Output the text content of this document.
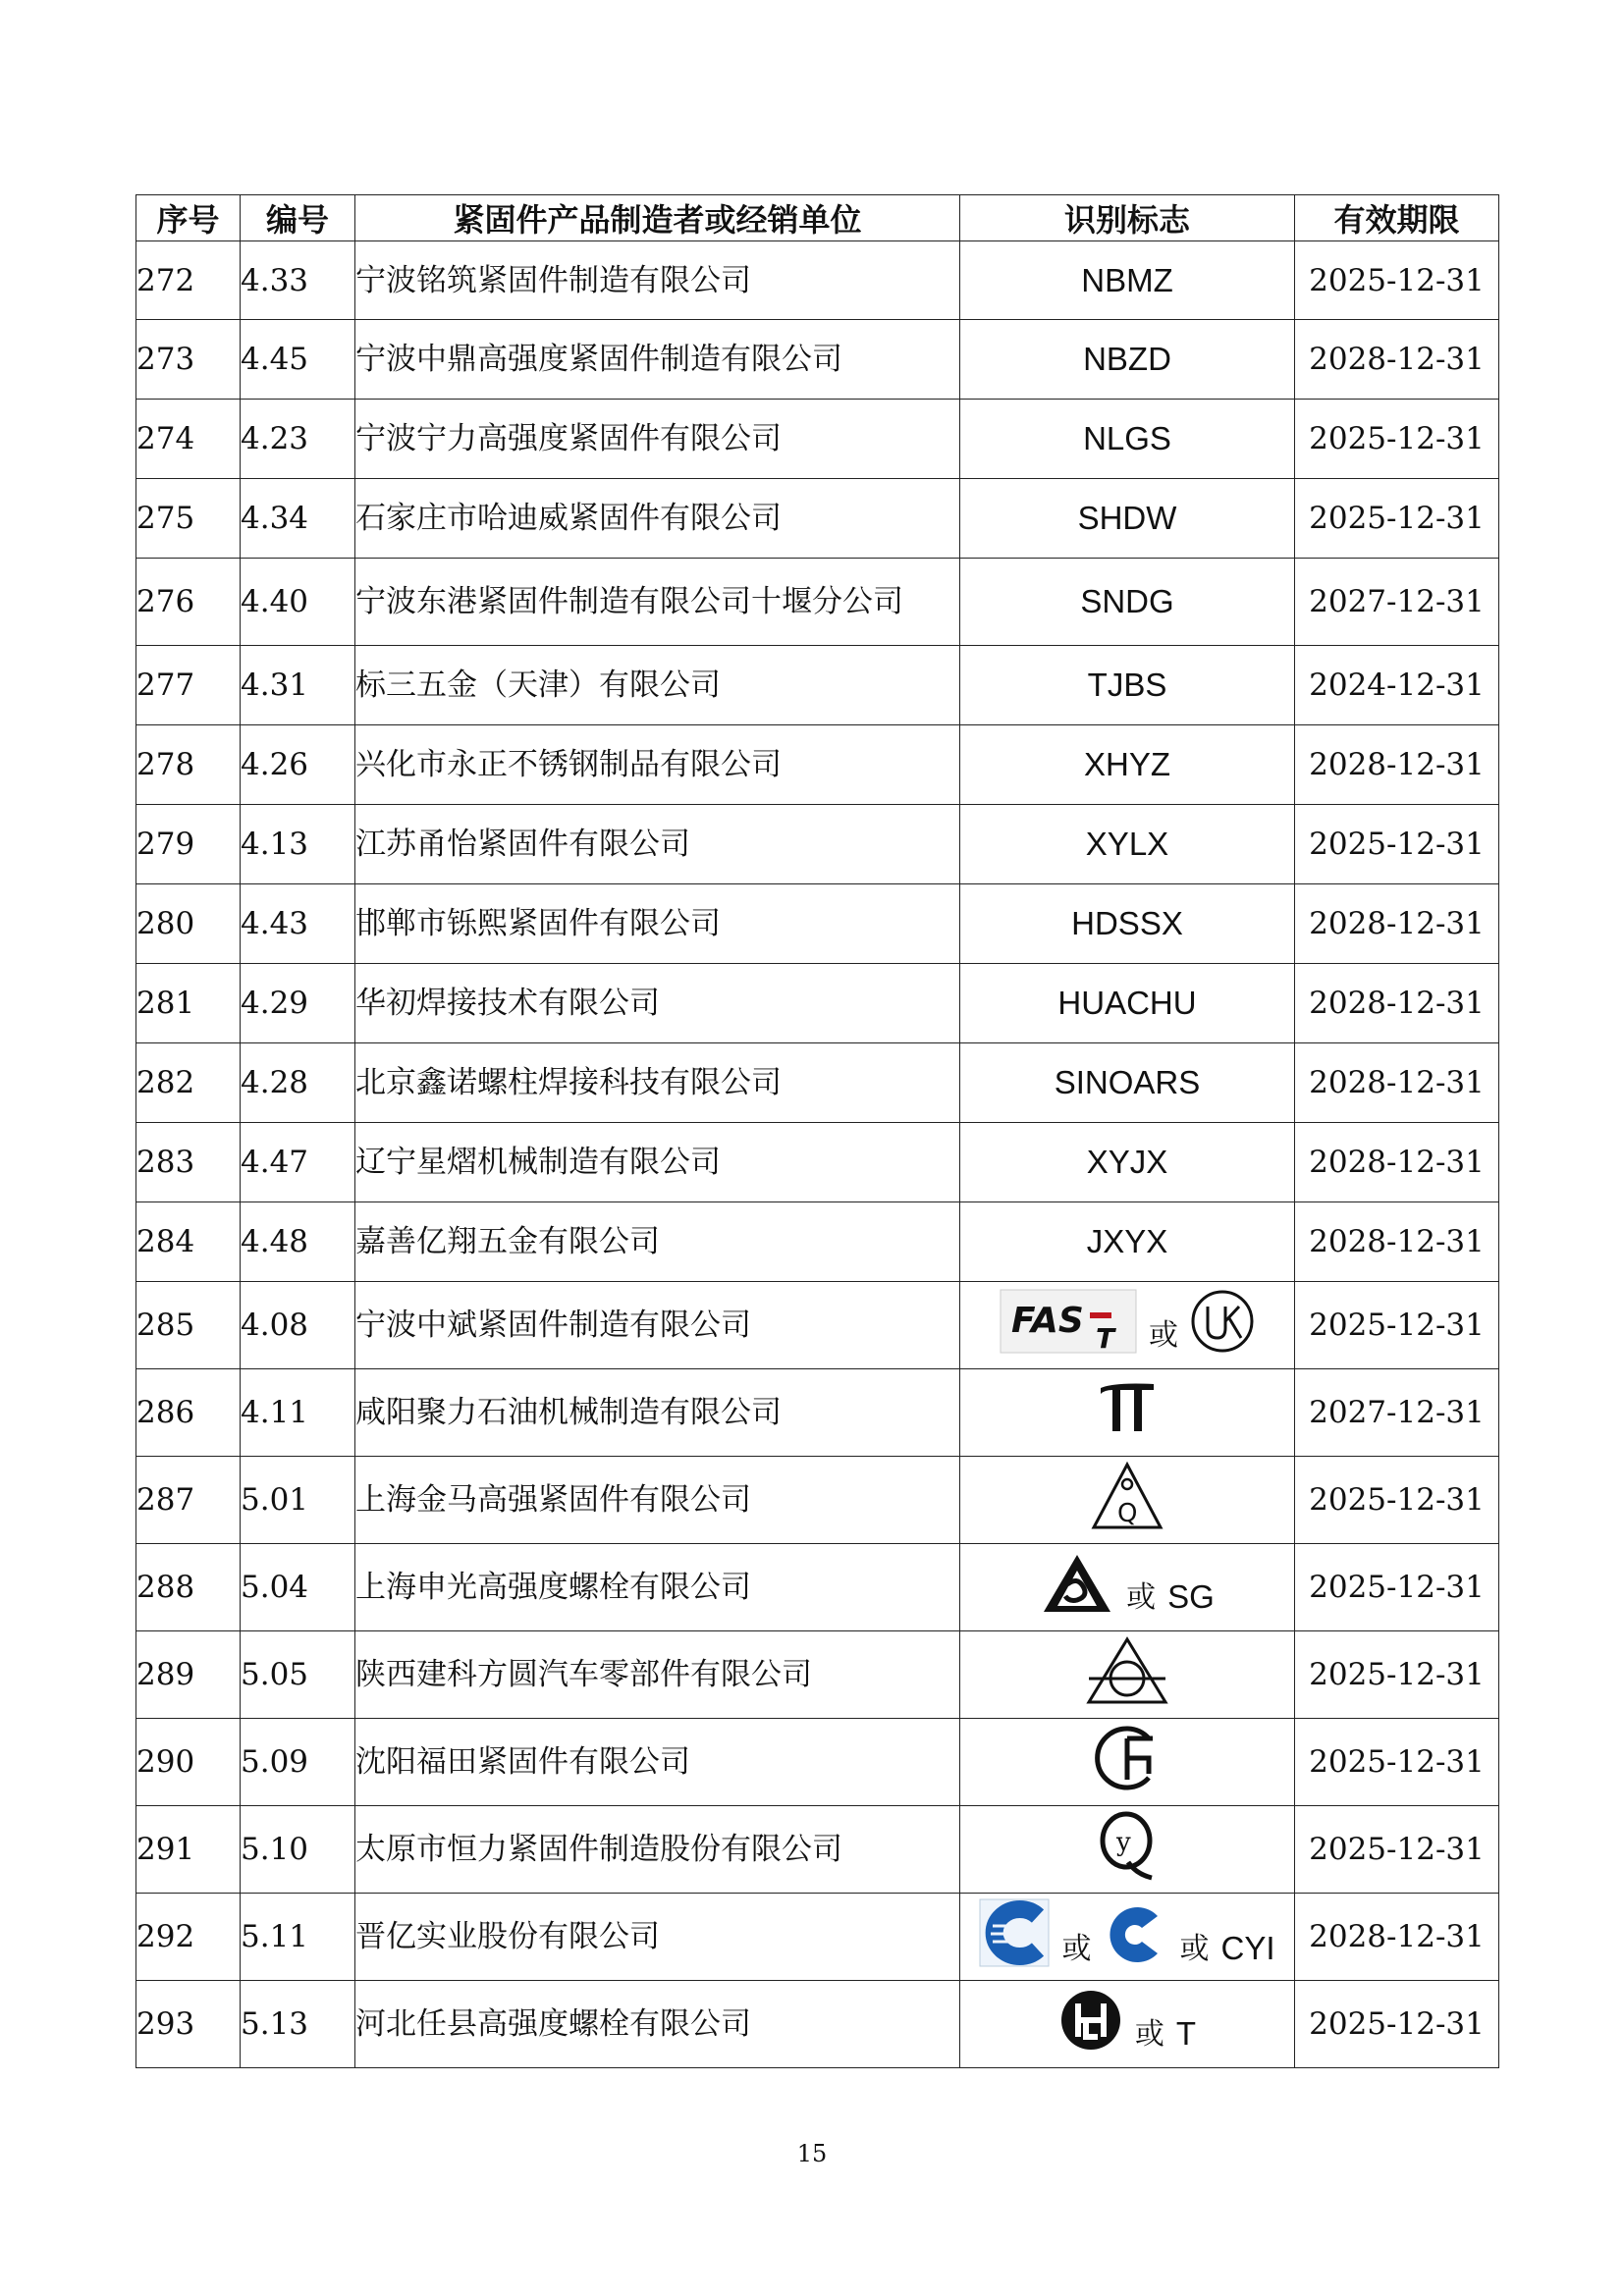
序号	编号	紧固件产品制造者或经销单位	识别标志	有效期限
272	4.33	宁波铭筑紧固件制造有限公司	NBMZ	2025-12-31
273	4.45	宁波中鼎高强度紧固件制造有限公司	NBZD	2028-12-31
274	4.23	宁波宁力高强度紧固件有限公司	NLGS	2025-12-31
275	4.34	石家庄市哈迪威紧固件有限公司	SHDW	2025-12-31
276	4.40	宁波东港紧固件制造有限公司十堰分公司	SNDG	2027-12-31
277	4.31	标三五金（天津）有限公司	TJBS	2024-12-31
278	4.26	兴化市永正不锈钢制品有限公司	XHYZ	2028-12-31
279	4.13	江苏甬怡紧固件有限公司	XYLX	2025-12-31
280	4.43	邯郸市铄熙紧固件有限公司	HDSSX	2028-12-31
281	4.29	华初焊接技术有限公司	HUACHU	2028-12-31
282	4.28	北京鑫诺螺柱焊接科技有限公司	SINOARS	2028-12-31
283	4.47	辽宁星熠机械制造有限公司	XYJX	2028-12-31
284	4.48	嘉善亿翔五金有限公司	JXYX	2028-12-31
285	4.08	宁波中斌紧固件制造有限公司	FAS T 或	2025-12-31
286	4.11	咸阳聚力石油机械制造有限公司		2027-12-31
287	5.01	上海金马高强紧固件有限公司	Q	2025-12-31
288	5.04	上海申光高强度螺栓有限公司	或 SG	2025-12-31
289	5.05	陕西建科方圆汽车零部件有限公司		2025-12-31
290	5.09	沈阳福田紧固件有限公司		2025-12-31
291	5.10	太原市恒力紧固件制造股份有限公司	y	2025-12-31
292	5.11	晋亿实业股份有限公司	或 或 CYI	2028-12-31
293	5.13	河北任县高强度螺栓有限公司	或 T	2025-12-31
15
